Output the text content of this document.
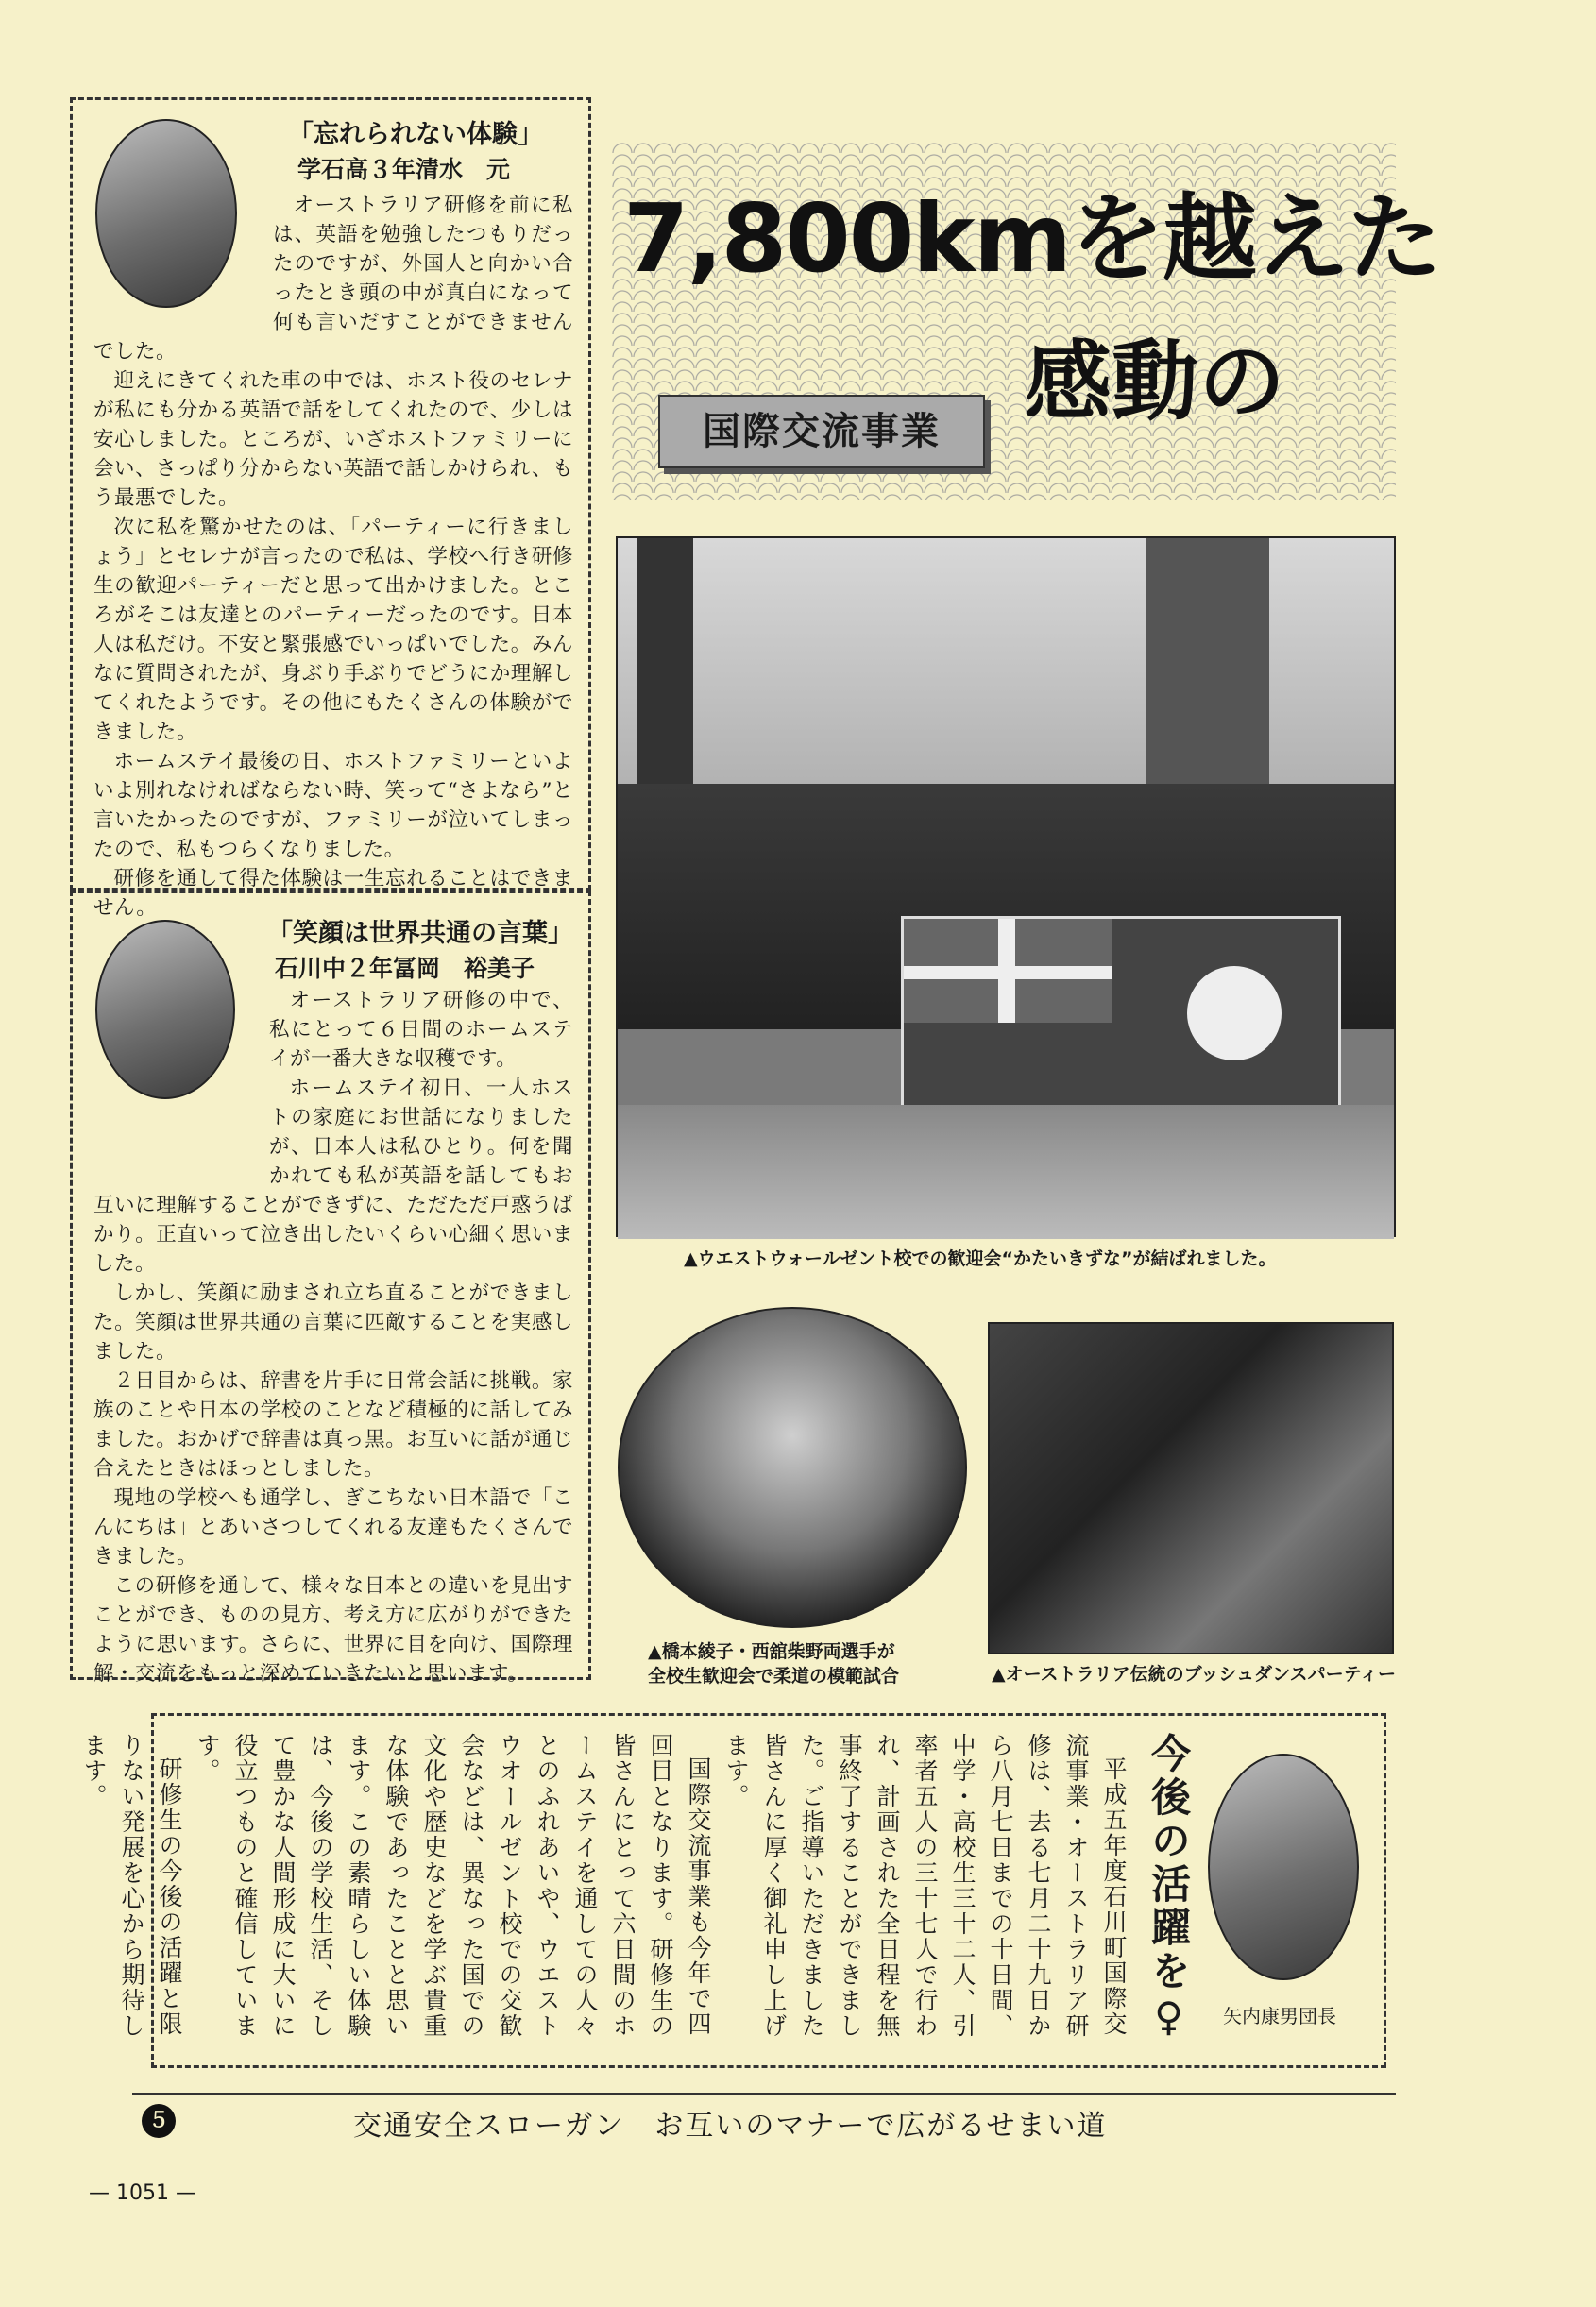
「忘れられない体験」
学石高３年清水　元

オーストラリア研修を前に私は、英語を勉強したつもりだったのですが、外国人と向かい合ったとき頭の中が真白になって何も言いだすことができませんでした。

迎えにきてくれた車の中では、ホスト役のセレナが私にも分かる英語で話をしてくれたので、少しは安心しました。ところが、いざホストファミリーに会い、さっぱり分からない英語で話しかけられ、もう最悪でした。

次に私を驚かせたのは、「パーティーに行きましょう」とセレナが言ったので私は、学校へ行き研修生の歓迎パーティーだと思って出かけました。ところがそこは友達とのパーティーだったのです。日本人は私だけ。不安と緊張感でいっぱいでした。みんなに質問されたが、身ぶり手ぶりでどうにか理解してくれたようです。その他にもたくさんの体験ができました。

ホームステイ最後の日、ホストファミリーといよいよ別れなければならない時、笑って“さよなら”と言いたかったのですが、ファミリーが泣いてしまったので、私もつらくなりました。

研修を通して得た体験は一生忘れることはできません。

「笑顔は世界共通の言葉」
石川中２年冨岡　裕美子

オーストラリア研修の中で、私にとって６日間のホームステイが一番大きな収穫です。

ホームステイ初日、一人ホストの家庭にお世話になりましたが、日本人は私ひとり。何を聞かれても私が英語を話してもお互いに理解することができずに、ただただ戸惑うばかり。正直いって泣き出したいくらい心細く思いました。

しかし、笑顔に励まされ立ち直ることができました。笑顔は世界共通の言葉に匹敵することを実感しました。

２日目からは、辞書を片手に日常会話に挑戦。家族のことや日本の学校のことなど積極的に話してみました。おかげで辞書は真っ黒。お互いに話が通じ合えたときはほっとしました。

現地の学校へも通学し、ぎこちない日本語で「こんにちは」とあいさつしてくれる友達もたくさんできました。

この研修を通して、様々な日本との違いを見出すことができ、ものの見方、考え方に広がりができたように思います。さらに、世界に目を向け、国際理解・交流をもっと深めていきたいと思います。

7,800kmを越えた
感動の
国際交流事業
▲ウエストウォールゼント校での歓迎会“かたいきずな”が結ばれました。
▲橋本綾子・西舘柴野両選手が
全校生歓迎会で柔道の模範試合	▲オーストラリア伝統のブッシュダンスパーティー
今後の活躍を♀ 矢内康男団長

平成五年度石川町国際交流事業・オーストラリア研修は、去る七月二十九日から八月七日までの十日間、中学・高校生三十二人、引率者五人の三十七人で行われ、計画された全日程を無事終了することができました。ご指導いただきました皆さんに厚く御礼申し上げます。

国際交流事業も今年で四回目となります。研修生の皆さんにとって六日間のホームステイを通しての人々とのふれあいや、ウエストウオールゼント校での交歓会などは、異なった国での文化や歴史などを学ぶ貴重な体験であったことと思います。この素晴らしい体験は、今後の学校生活、そして豊かな人間形成に大いに役立つものと確信しています。

研修生の今後の活躍と限りない発展を心から期待します。

５	交通安全スローガン　お互いのマナーで広がるせまい道
— 1051 —
